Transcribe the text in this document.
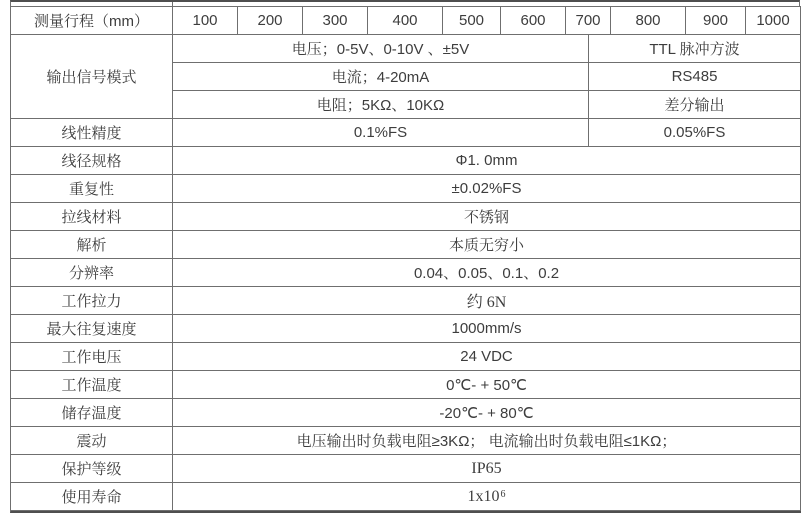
测量行程（mm）	100	200	300	400	500	600	700	800	900	1000
输出信号模式
电压；0-5V、0-10V 、±5V	TTL 脉冲方波
电流；4-20mA	RS485
电阻；5KΩ、10KΩ	差分输出
线性精度	0.1%FS	0.05%FS
线径规格	Φ1. 0mm
重复性	±0.02%FS
拉线材料	不锈钢
解析	本质无穷小
分辨率	0.04、0.05、0.1、0.2
工作拉力	约 6N
最大往复速度	1000mm/s
工作电压	24 VDC
工作温度	0℃- + 50℃
储存温度	-20℃- + 80℃
震动	电压输出时负载电阻≥3KΩ； 电流输出时负载电阻≤1KΩ；
保护等级	IP65
使用寿命	1x10 6
